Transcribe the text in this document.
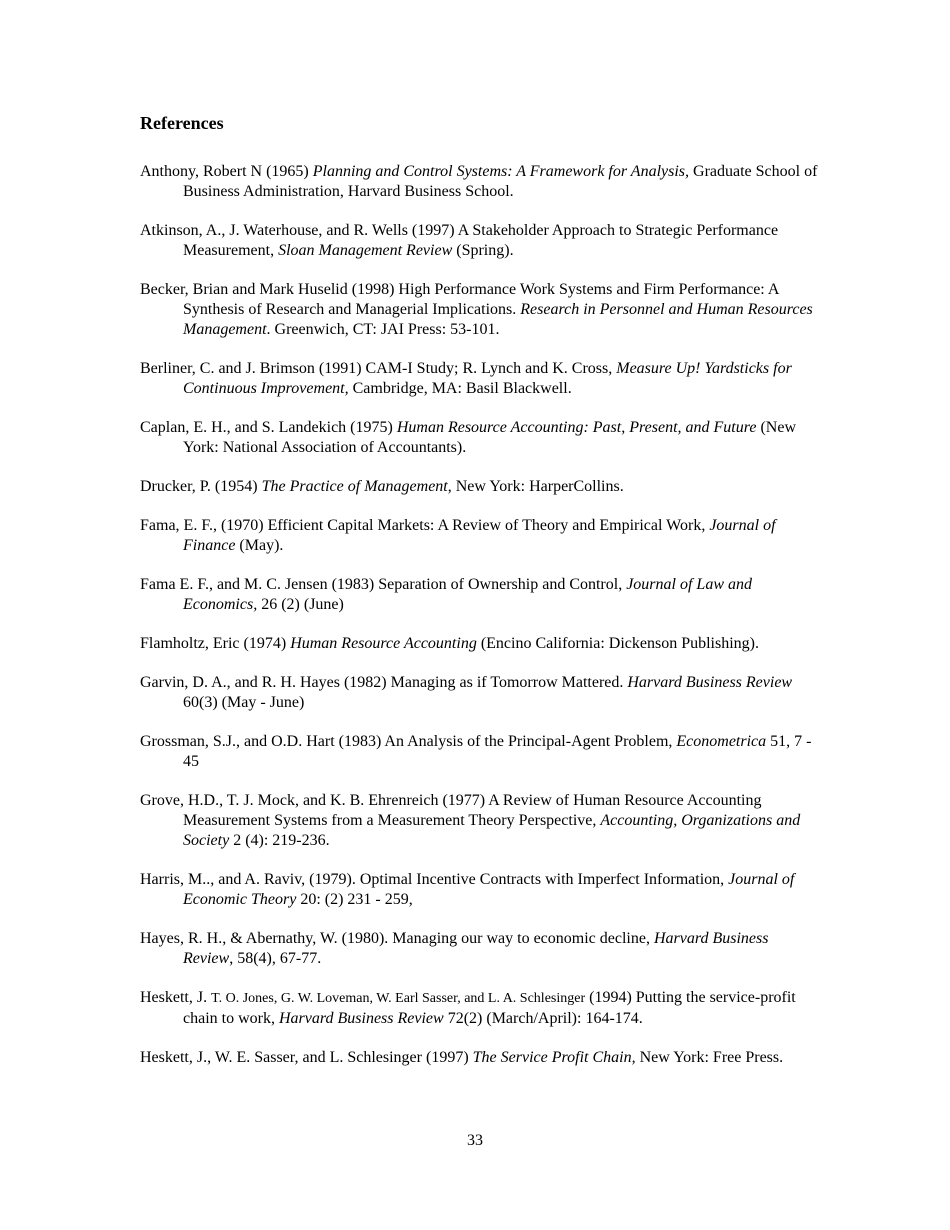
References
Anthony, Robert N (1965) Planning and Control Systems: A Framework for Analysis, Graduate School of Business Administration, Harvard Business School.
Atkinson, A., J. Waterhouse, and R. Wells (1997) A Stakeholder Approach to Strategic Performance Measurement, Sloan Management Review (Spring).
Becker, Brian and Mark Huselid (1998) High Performance Work Systems and Firm Performance: A Synthesis of Research and Managerial Implications. Research in Personnel and Human Resources Management. Greenwich, CT: JAI Press: 53-101.
Berliner, C. and J. Brimson (1991) CAM-I Study; R. Lynch and K. Cross, Measure Up! Yardsticks for Continuous Improvement, Cambridge, MA: Basil Blackwell.
Caplan, E. H., and S. Landekich (1975) Human Resource Accounting: Past, Present, and Future (New York: National Association of Accountants).
Drucker, P. (1954) The Practice of Management, New York: HarperCollins.
Fama, E. F., (1970) Efficient Capital Markets: A Review of Theory and Empirical Work, Journal of Finance (May).
Fama E. F., and M. C. Jensen (1983) Separation of Ownership and Control, Journal of Law and Economics, 26 (2) (June)
Flamholtz, Eric (1974) Human Resource Accounting (Encino California: Dickenson Publishing).
Garvin, D. A., and R. H. Hayes (1982) Managing as if Tomorrow Mattered. Harvard Business Review 60(3) (May - June)
Grossman, S.J., and O.D. Hart (1983) An Analysis of the Principal-Agent Problem, Econometrica 51, 7 - 45
Grove, H.D., T. J. Mock, and K. B. Ehrenreich (1977) A Review of Human Resource Accounting Measurement Systems from a Measurement Theory Perspective, Accounting, Organizations and Society 2 (4): 219-236.
Harris, M.., and A. Raviv, (1979). Optimal Incentive Contracts with Imperfect Information, Journal of Economic Theory 20: (2) 231 - 259,
Hayes, R. H., & Abernathy, W. (1980). Managing our way to economic decline, Harvard Business Review, 58(4), 67-77.
Heskett, J. T. O. Jones, G. W. Loveman, W. Earl Sasser, and L. A. Schlesinger (1994) Putting the service-profit chain to work, Harvard Business Review 72(2) (March/April): 164-174.
Heskett, J., W. E. Sasser, and L. Schlesinger (1997) The Service Profit Chain, New York: Free Press.
33
